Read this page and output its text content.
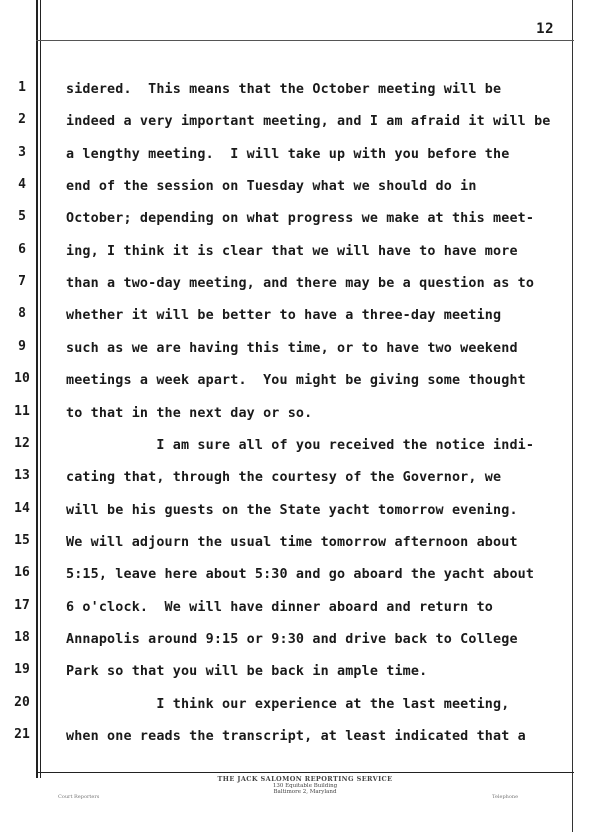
12
1	sidered.  This means that the October meeting will be
2	indeed a very important meeting, and I am afraid it will be
3	a lengthy meeting.  I will take up with you before the
4	end of the session on Tuesday what we should do in
5	October; depending on what progress we make at this meet-
6	ing, I think it is clear that we will have to have more
7	than a two-day meeting, and there may be a question as to
8	whether it will be better to have a three-day meeting
9	such as we are having this time, or to have two weekend
10	meetings a week apart.  You might be giving some thought
11	to that in the next day or so.
12	I am sure all of you received the notice indi-
13	cating that, through the courtesy of the Governor, we
14	will be his guests on the State yacht tomorrow evening.
15	We will adjourn the usual time tomorrow afternoon about
16	5:15, leave here about 5:30 and go aboard the yacht about
17	6 o'clock.  We will have dinner aboard and return to
18	Annapolis around 9:15 or 9:30 and drive back to College
19	Park so that you will be back in ample time.
20	I think our experience at the last meeting,
21	when one reads the transcript, at least indicated that a
THE JACK SALOMON REPORTING SERVICE
130 Equitable Building
Baltimore 2, Maryland
Court Reporters	Telephone
